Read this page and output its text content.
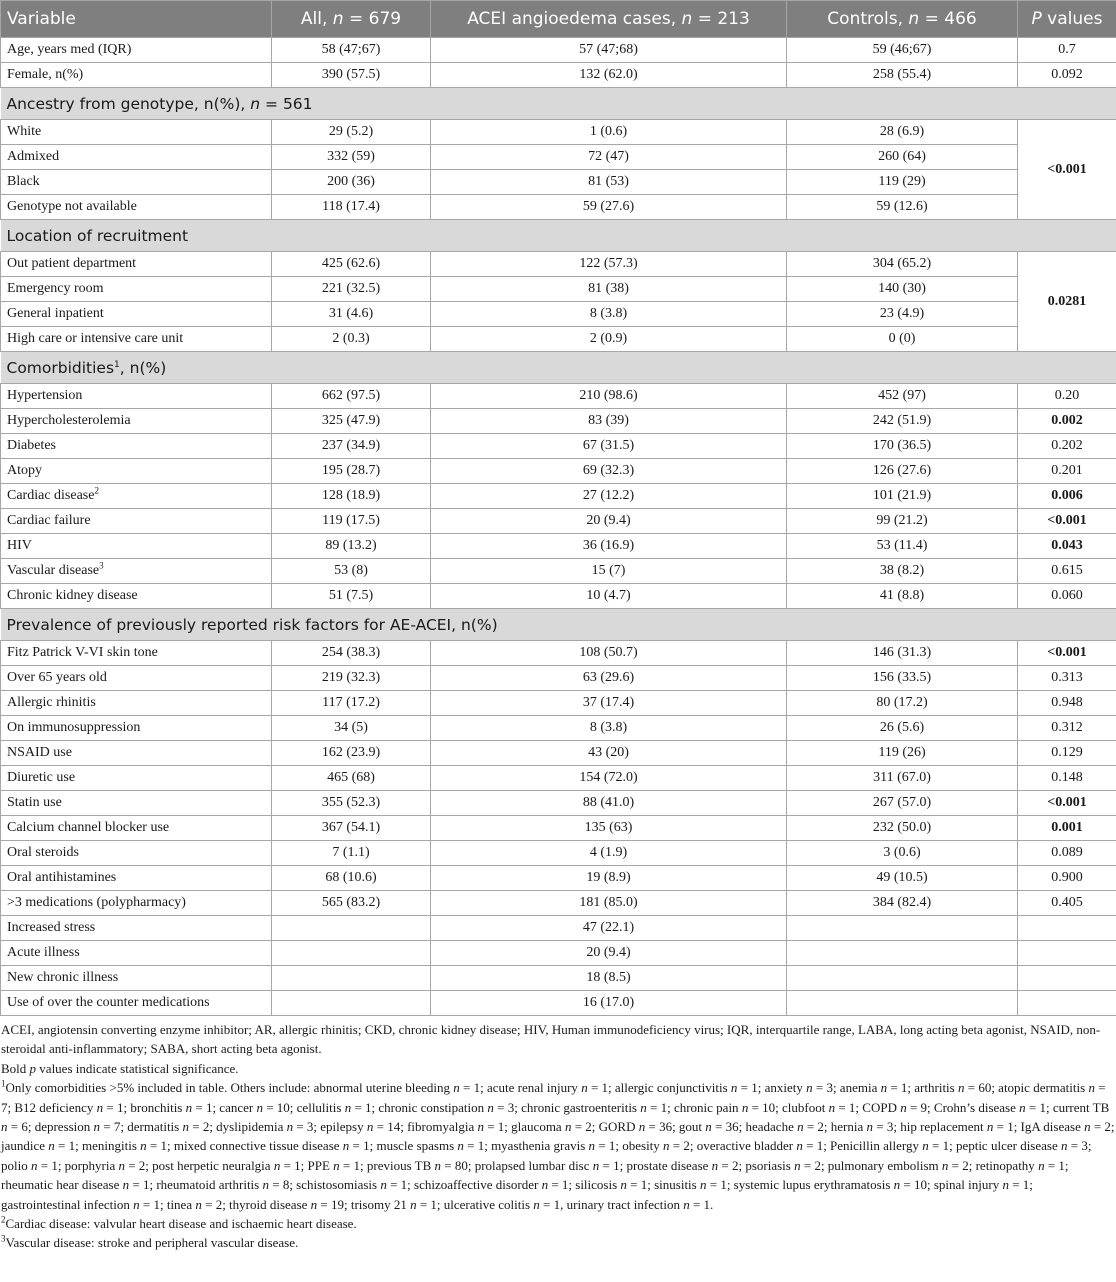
Variable	All, n = 679	ACEI angioedema cases, n = 213	Controls, n = 466	P values
Age, years med (IQR)	58 (47;67)	57 (47;68)	59 (46;67)	0.7
Female, n(%)	390 (57.5)	132 (62.0)	258 (55.4)	0.092
Ancestry from genotype, n(%), n = 561				
White	29 (5.2)	1 (0.6)	28 (6.9)	<0.001
Admixed	332 (59)	72 (47)	260 (64)	
Black	200 (36)	81 (53)	119 (29)	
Genotype not available	118 (17.4)	59 (27.6)	59 (12.6)	
Location of recruitment				
Out patient department	425 (62.6)	122 (57.3)	304 (65.2)	0.0281
Emergency room	221 (32.5)	81 (38)	140 (30)	
General inpatient	31 (4.6)	8 (3.8)	23 (4.9)	
High care or intensive care unit	2 (0.3)	2 (0.9)	0 (0)	
Comorbidities$^1$, n(%)				
Hypertension	662 (97.5)	210 (98.6)	452 (97)	0.20
Hypercholesterolemia	325 (47.9)	83 (39)	242 (51.9)	0.002
Diabetes	237 (34.9)	67 (31.5)	170 (36.5)	0.202
Atopy	195 (28.7)	69 (32.3)	126 (27.6)	0.201
Cardiac disease$^2$	128 (18.9)	27 (12.2)	101 (21.9)	0.006
Cardiac failure	119 (17.5)	20 (9.4)	99 (21.2)	<0.001
HIV	89 (13.2)	36 (16.9)	53 (11.4)	0.043
Vascular disease$^3$	53 (8)	15 (7)	38 (8.2)	0.615
Chronic kidney disease	51 (7.5)	10 (4.7)	41 (8.8)	0.060
Prevalence of previously reported risk factors for AE-ACEI, n(%)				
Fitz Patrick V-VI skin tone	254 (38.3)	108 (50.7)	146 (31.3)	<0.001
Over 65 years old	219 (32.3)	63 (29.6)	156 (33.5)	0.313
Allergic rhinitis	117 (17.2)	37 (17.4)	80 (17.2)	0.948
On immunosuppression	34 (5)	8 (3.8)	26 (5.6)	0.312
NSAID use	162 (23.9)	43 (20)	119 (26)	0.129
Diuretic use	465 (68)	154 (72.0)	311 (67.0)	0.148
Statin use	355 (52.3)	88 (41.0)	267 (57.0)	<0.001
Calcium channel blocker use	367 (54.1)	135 (63)	232 (50.0)	0.001
Oral steroids	7 (1.1)	4 (1.9)	3 (0.6)	0.089
Oral antihistamines	68 (10.6)	19 (8.9)	49 (10.5)	0.900
>3 medications (polypharmacy)	565 (83.2)	181 (85.0)	384 (82.4)	0.405
Increased stress		47 (22.1)		
Acute illness		20 (9.4)		
New chronic illness		18 (8.5)		
Use of over the counter medications		16 (17.0)		

ACEI, angiotensin converting enzyme inhibitor; AR, allergic rhinitis; CKD, chronic kidney disease; HIV, Human immunodeficiency virus; IQR, interquartile range, LABA, long acting beta agonist, NSAID, non-steroidal anti-inflammatory; SABA, short acting beta agonist.

Bold p values indicate statistical significance.

$^1$Only comorbidities >5% included in table. Others include: abnormal uterine bleeding n = 1; acute renal injury n = 1; allergic conjunctivitis n = 1; anxiety n = 3; anemia n = 1; arthritis n = 60; atopic dermatitis n = 7; B12 deficiency n = 1; bronchitis n = 1; cancer n = 10; cellulitis n = 1; chronic constipation n = 3; chronic gastroenteritis n = 1; chronic pain n = 10; clubfoot n = 1; COPD n = 9; Crohn’s disease n = 1; current TB n = 6; depression n = 7; dermatitis n = 2; dyslipidemia n = 3; epilepsy n = 14; fibromyalgia n = 1; glaucoma n = 2; GORD n = 36; gout n = 36; headache n = 2; hernia n = 3; hip replacement n = 1; IgA disease n = 2; jaundice n = 1; meningitis n = 1; mixed connective tissue disease n = 1; muscle spasms n = 1; myasthenia gravis n = 1; obesity n = 2; overactive bladder n = 1; Penicillin allergy n = 1; peptic ulcer disease n = 3; polio n = 1; porphyria n = 2; post herpetic neuralgia n = 1; PPE n = 1; previous TB n = 80; prolapsed lumbar disc n = 1; prostate disease n = 2; psoriasis n = 2; pulmonary embolism n = 2; retinopathy n = 1; rheumatic hear disease n = 1; rheumatoid arthritis n = 8; schistosomiasis n = 1; schizoaffective disorder n = 1; silicosis n = 1; sinusitis n = 1; systemic lupus erythramatosis n = 10; spinal injury n = 1; gastrointestinal infection n = 1; tinea n = 2; thyroid disease n = 19; trisomy 21 n = 1; ulcerative colitis n = 1, urinary tract infection n = 1.

$^2$Cardiac disease: valvular heart disease and ischaemic heart disease.

$^3$Vascular disease: stroke and peripheral vascular disease.
